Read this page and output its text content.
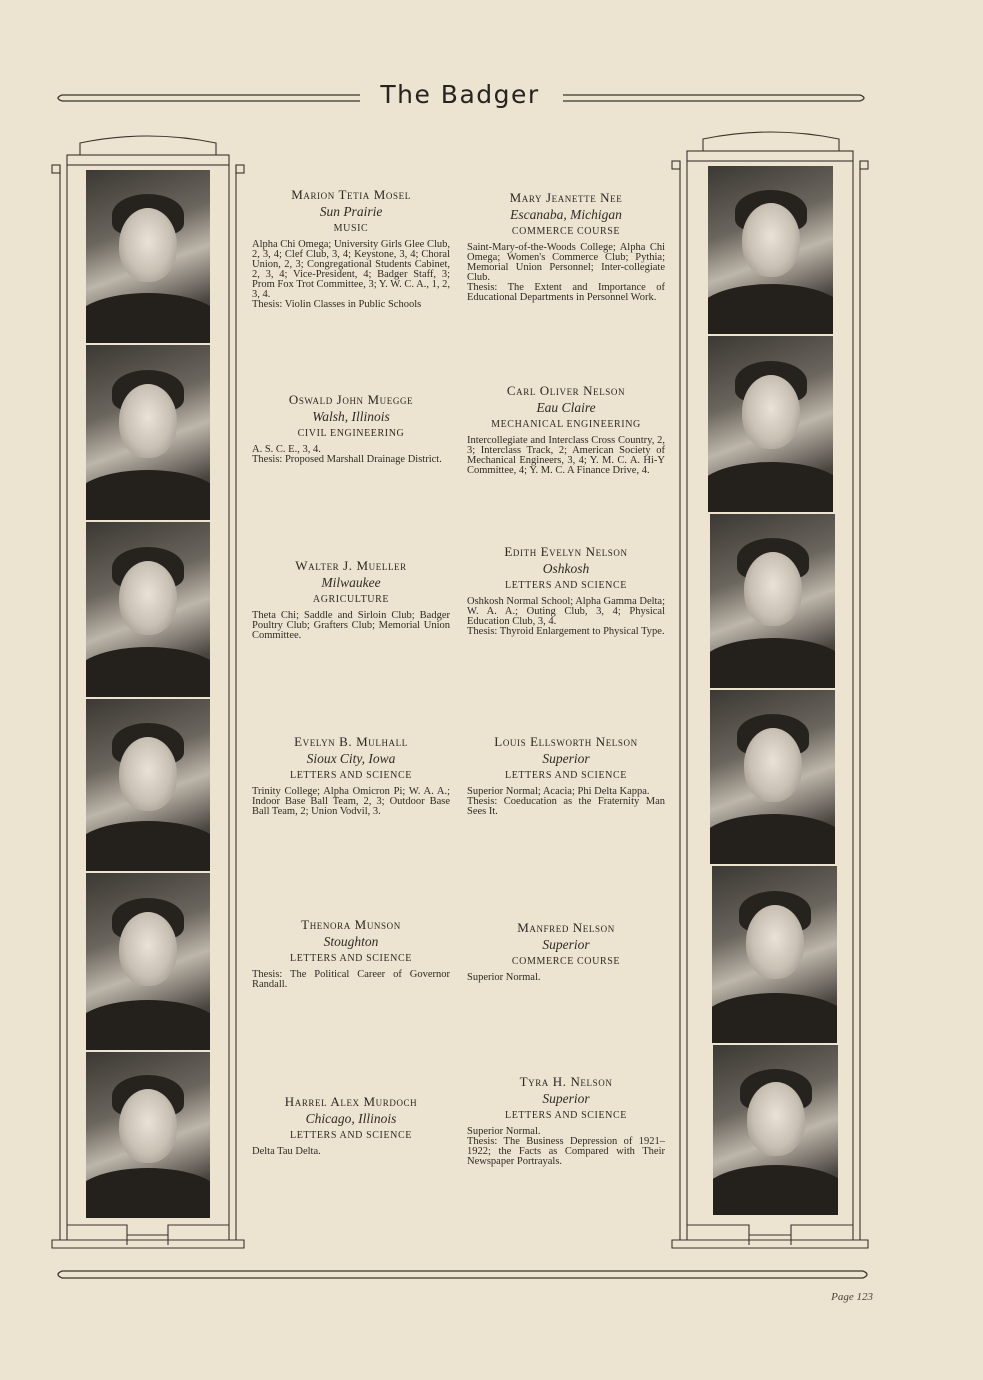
The Badger
Marion Tetia Mosel
Sun Prairie
MUSIC
Alpha Chi Omega; University Girls Glee Club, 2, 3, 4; Clef Club, 3, 4; Keystone, 3, 4; Choral Union, 2, 3; Congregational Students Cabinet, 2, 3, 4; Vice-President, 4; Badger Staff, 3; Prom Fox Trot Committee, 3; Y. W. C. A., 1, 2, 3, 4.
Thesis: Violin Classes in Public Schools
Oswald John Muegge
Walsh, Illinois
CIVIL ENGINEERING
A. S. C. E., 3, 4.
Thesis: Proposed Marshall Drainage District.
Walter J. Mueller
Milwaukee
AGRICULTURE
Theta Chi; Saddle and Sirloin Club; Badger Poultry Club; Grafters Club; Memorial Union Committee.
Evelyn B. Mulhall
Sioux City, Iowa
LETTERS AND SCIENCE
Trinity College; Alpha Omicron Pi; W. A. A.; Indoor Base Ball Team, 2, 3; Outdoor Base Ball Team, 2; Union Vodvil, 3.
Thenora Munson
Stoughton
LETTERS AND SCIENCE
Thesis: The Political Career of Governor Randall.
Harrel Alex Murdoch
Chicago, Illinois
LETTERS AND SCIENCE
Delta Tau Delta.
Mary Jeanette Nee
Escanaba, Michigan
COMMERCE COURSE
Saint-Mary-of-the-Woods College; Alpha Chi Omega; Women's Commerce Club; Pythia; Memorial Union Personnel; Inter-collegiate Club.
Thesis: The Extent and Importance of Educational Departments in Personnel Work.
Carl Oliver Nelson
Eau Claire
MECHANICAL ENGINEERING
Intercollegiate and Interclass Cross Country, 2, 3; Interclass Track, 2; American Society of Mechanical Engineers, 3, 4; Y. M. C. A. Hi-Y Committee, 4; Y. M. C. A Finance Drive, 4.
Edith Evelyn Nelson
Oshkosh
LETTERS AND SCIENCE
Oshkosh Normal School; Alpha Gamma Delta; W. A. A.; Outing Club, 3, 4; Physical Education Club, 3, 4.
Thesis: Thyroid Enlargement to Physical Type.
Louis Ellsworth Nelson
Superior
LETTERS AND SCIENCE
Superior Normal; Acacia; Phi Delta Kappa.
Thesis: Coeducation as the Fraternity Man Sees It.
Manfred Nelson
Superior
COMMERCE COURSE
Superior Normal.
Tyra H. Nelson
Superior
LETTERS AND SCIENCE
Superior Normal.
Thesis: The Business Depression of 1921–1922; the Facts as Compared with Their Newspaper Portrayals.
Page 123
